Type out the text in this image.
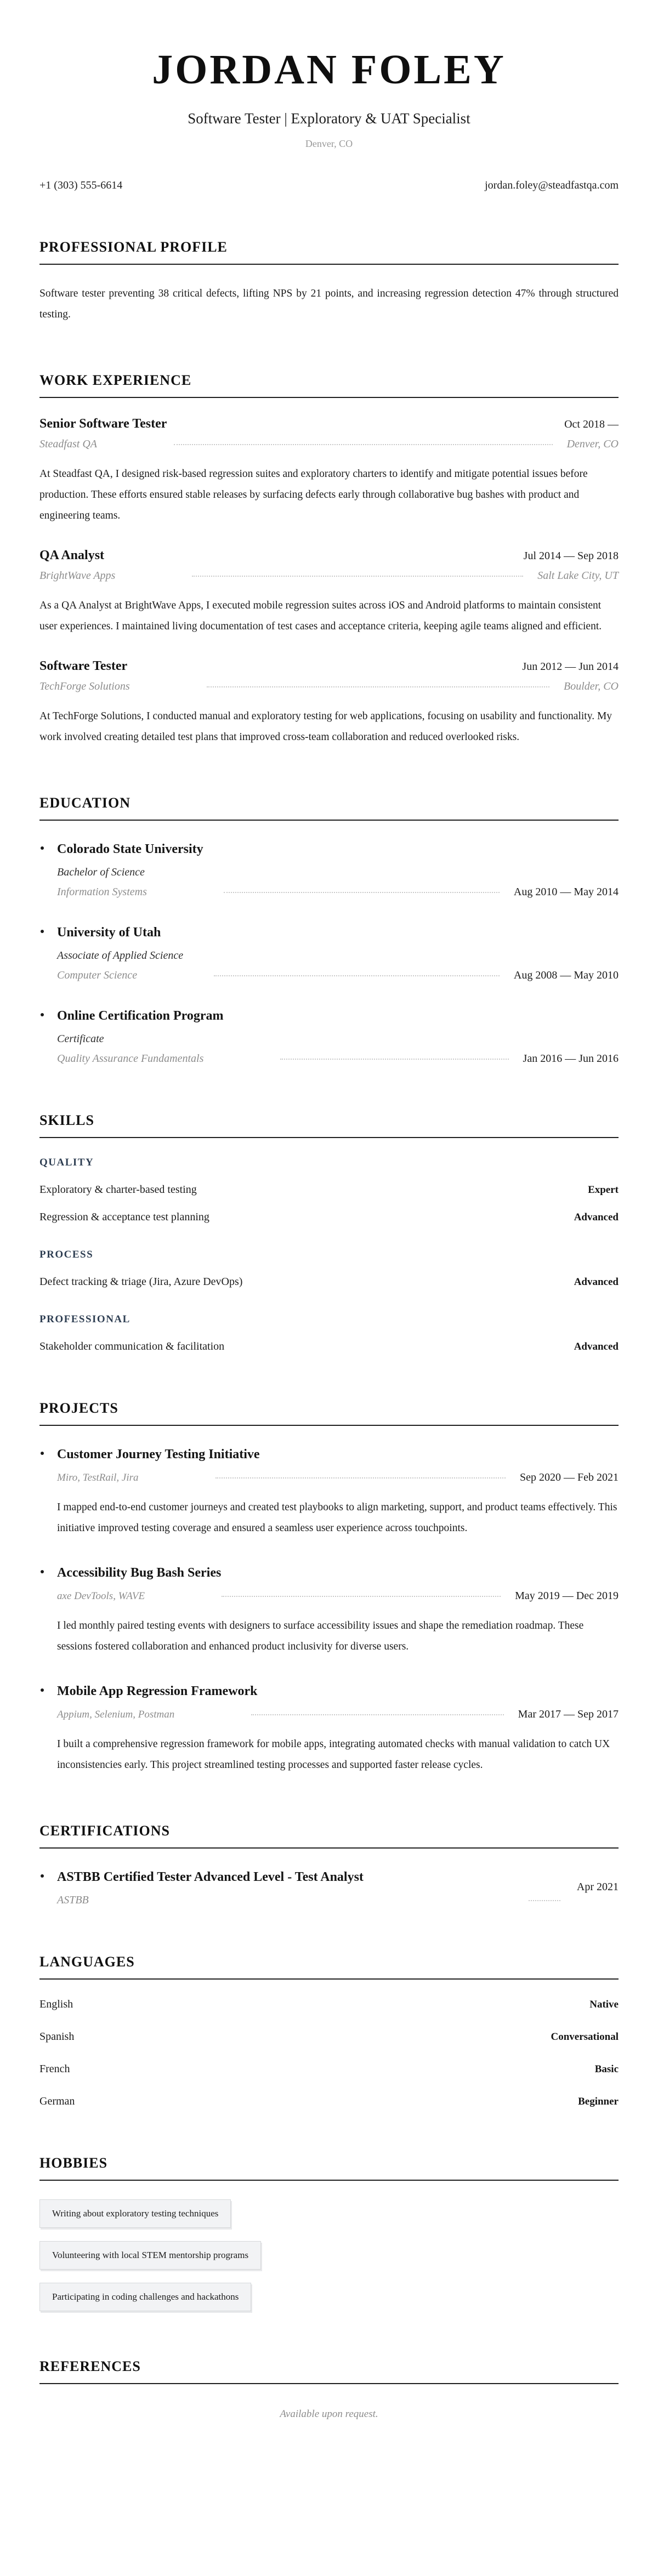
JORDAN FOLEY
Software Tester | Exploratory & UAT Specialist
Denver, CO
+1 (303) 555-6614	jordan.foley@steadfastqa.com
PROFESSIONAL PROFILE

Software tester preventing 38 critical defects, lifting NPS by 21 points, and increasing regression detection 47% through structured testing.

WORK EXPERIENCE
Senior Software Tester	Oct 2018 —
Steadfast QA	Denver, CO

At Steadfast QA, I designed risk-based regression suites and exploratory charters to identify and mitigate potential issues before production. These efforts ensured stable releases by surfacing defects early through collaborative bug bashes with product and engineering teams.

QA Analyst	Jul 2014 — Sep 2018
BrightWave Apps	Salt Lake City, UT

As a QA Analyst at BrightWave Apps, I executed mobile regression suites across iOS and Android platforms to maintain consistent user experiences. I maintained living documentation of test cases and acceptance criteria, keeping agile teams aligned and efficient.

Software Tester	Jun 2012 — Jun 2014
TechForge Solutions	Boulder, CO

At TechForge Solutions, I conducted manual and exploratory testing for web applications, focusing on usability and functionality. My work involved creating detailed test plans that improved cross-team collaboration and reduced overlooked risks.

EDUCATION
Colorado State University
Bachelor of Science
Information Systems	Aug 2010 — May 2014
University of Utah
Associate of Applied Science
Computer Science	Aug 2008 — May 2010
Online Certification Program
Certificate
Quality Assurance Fundamentals	Jan 2016 — Jun 2016
SKILLS
QUALITY
Exploratory & charter-based testing	Expert
Regression & acceptance test planning	Advanced
PROCESS
Defect tracking & triage (Jira, Azure DevOps)	Advanced
PROFESSIONAL
Stakeholder communication & facilitation	Advanced
PROJECTS
Customer Journey Testing Initiative
Miro, TestRail, Jira	Sep 2020 — Feb 2021

I mapped end-to-end customer journeys and created test playbooks to align marketing, support, and product teams effectively. This initiative improved testing coverage and ensured a seamless user experience across touchpoints.

Accessibility Bug Bash Series
axe DevTools, WAVE	May 2019 — Dec 2019

I led monthly paired testing events with designers to surface accessibility issues and shape the remediation roadmap. These sessions fostered collaboration and enhanced product inclusivity for diverse users.

Mobile App Regression Framework
Appium, Selenium, Postman	Mar 2017 — Sep 2017

I built a comprehensive regression framework for mobile apps, integrating automated checks with manual validation to catch UX inconsistencies early. This project streamlined testing processes and supported faster release cycles.

CERTIFICATIONS
ASTBB Certified Tester Advanced Level - Test Analyst
ASTBB
Apr 2021
LANGUAGES
English	Native
Spanish	Conversational
French	Basic
German	Beginner
HOBBIES
Writing about exploratory testing techniques
Volunteering with local STEM mentorship programs
Participating in coding challenges and hackathons
REFERENCES
Available upon request.
